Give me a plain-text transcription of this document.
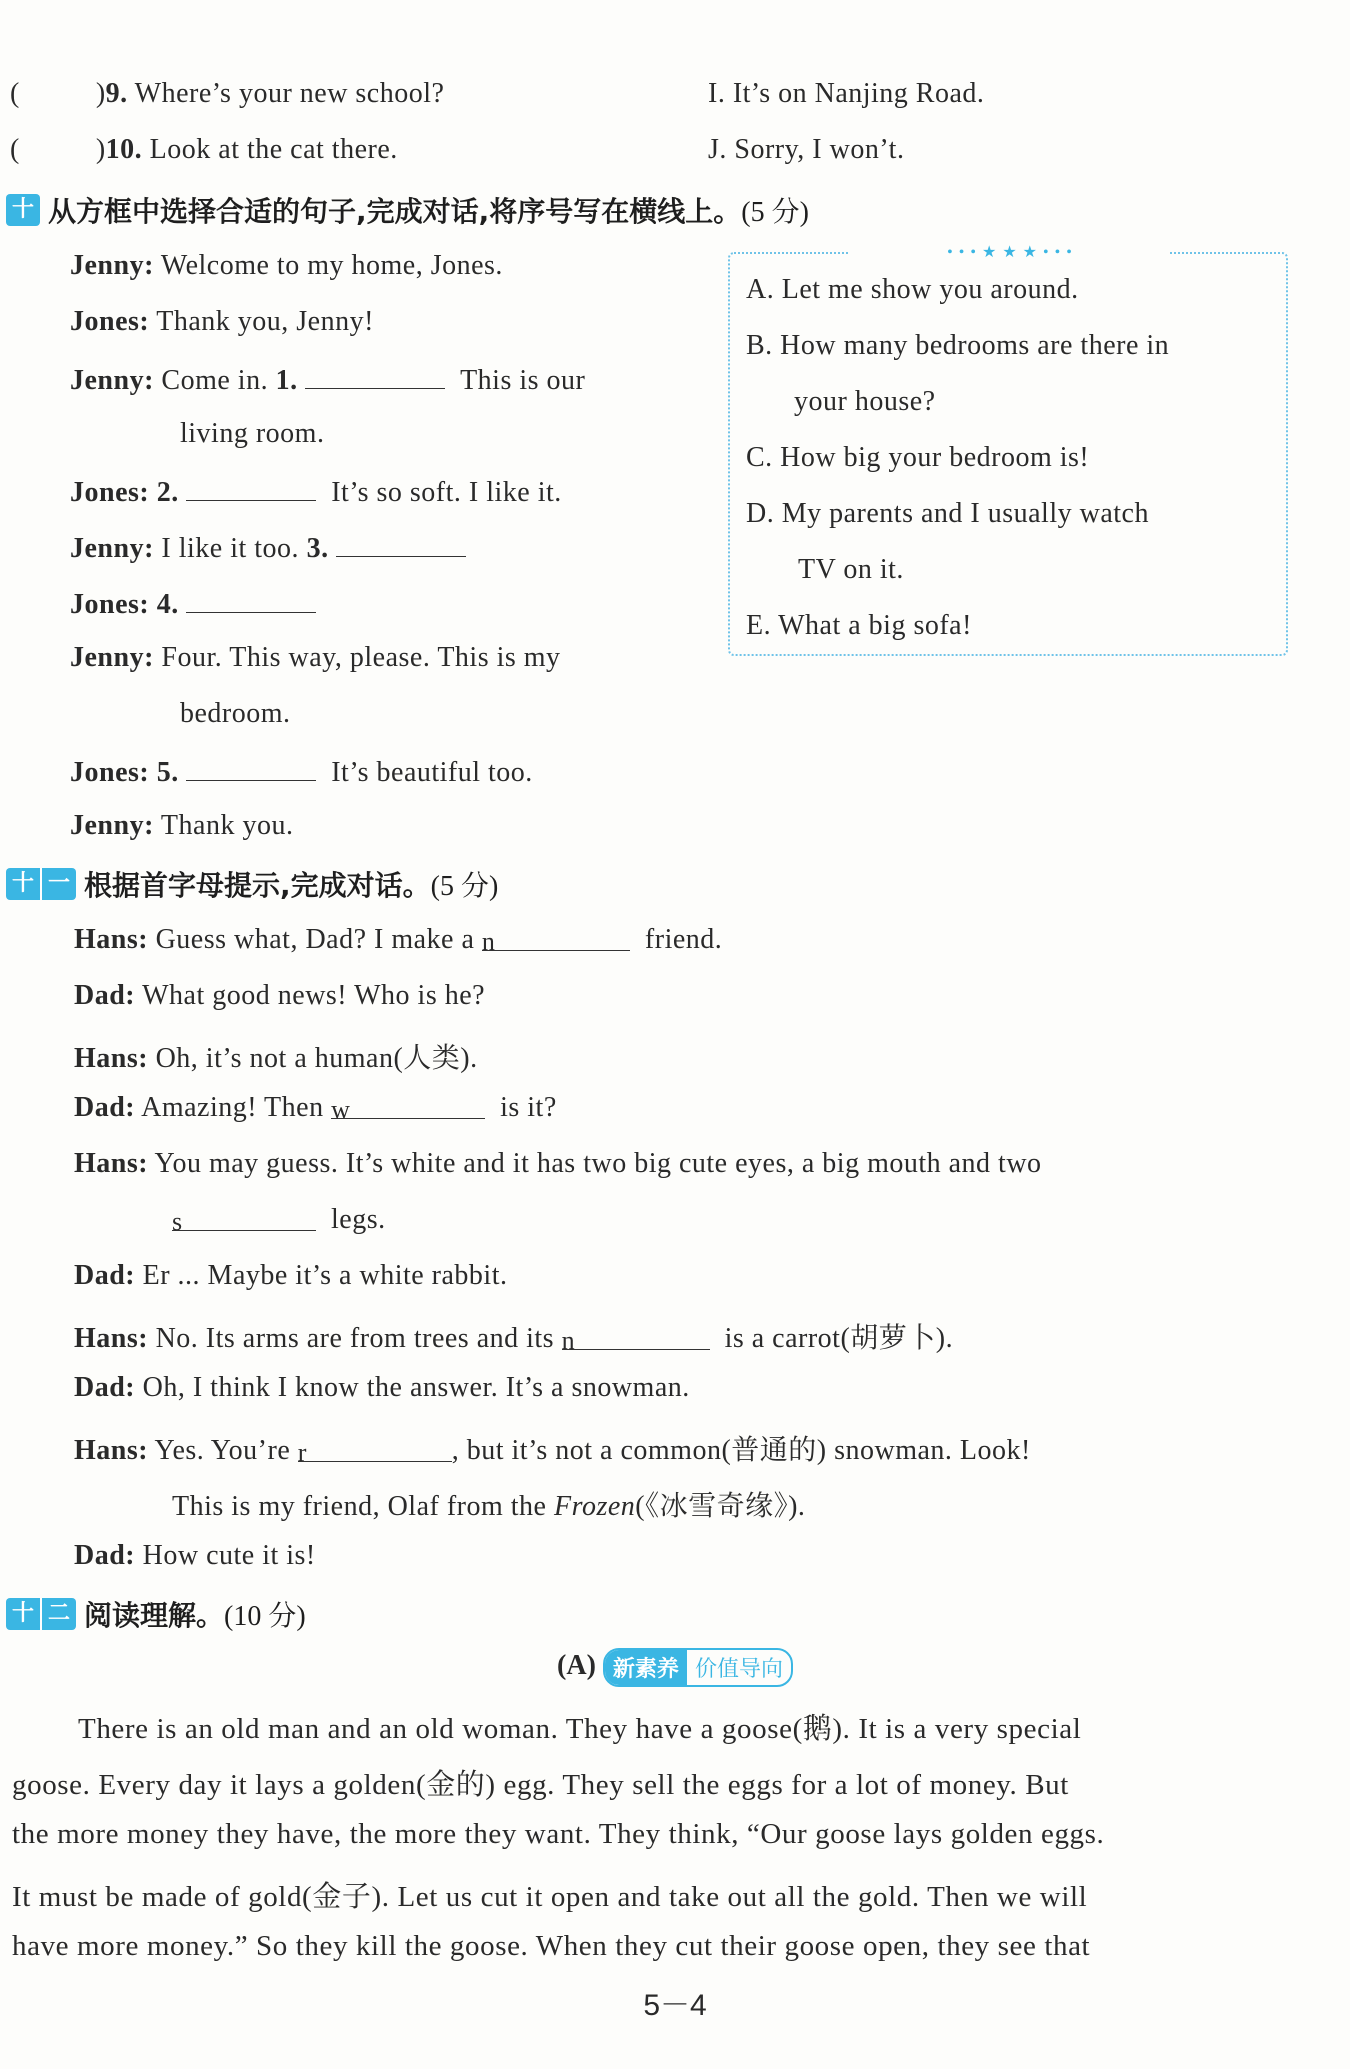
(	)9. Where’s your new school?	I. It’s on Nanjing Road.
(	)10. Look at the cat there.	J. Sorry, I won’t.
十 从方框中选择合适的句子,完成对话,将序号写在横线上。(5 分)
Jenny: Welcome to my home, Jones.
Jones: Thank you, Jenny!
Jenny: Come in. 1.	This is our
living room.
Jones: 2.	It’s so soft. I like it.
Jenny: I like it too. 3.
Jones: 4.
Jenny: Four. This way, please. This is my
bedroom.
Jones: 5.	It’s beautiful too.
Jenny: Thank you.
• • • ★ ★ ★ • • •
A. Let me show you around.
B. How many bedrooms are there in
your house?
C. How big your bedroom is!
D. My parents and I usually watch
TV on it.
E. What a big sofa!
十 一 根据首字母提示,完成对话。(5 分)
Hans: Guess what, Dad? I make a n	friend.
Dad: What good news! Who is he?
Hans: Oh, it’s not a human(人类).
Dad: Amazing! Then w	is it?
Hans: You may guess. It’s white and it has two big cute eyes, a big mouth and two
s	legs.
Dad: Er ... Maybe it’s a white rabbit.
Hans: No. Its arms are from trees and its n	is a carrot(胡萝卜).
Dad: Oh, I think I know the answer. It’s a snowman.
Hans: Yes. You’re r	, but it’s not a common(普通的) snowman. Look!
This is my friend, Olaf from the Frozen(《冰雪奇缘》).
Dad: How cute it is!
十 二 阅读理解。(10 分)
(A) 新素养 价值导向
There is an old man and an old woman. They have a goose(鹅). It is a very special
goose. Every day it lays a golden(金的) egg. They sell the eggs for a lot of money. But
the more money they have, the more they want. They think, “Our goose lays golden eggs.
It must be made of gold(金子). Let us cut it open and take out all the gold. Then we will
have more money.” So they kill the goose. When they cut their goose open, they see that
5－4
